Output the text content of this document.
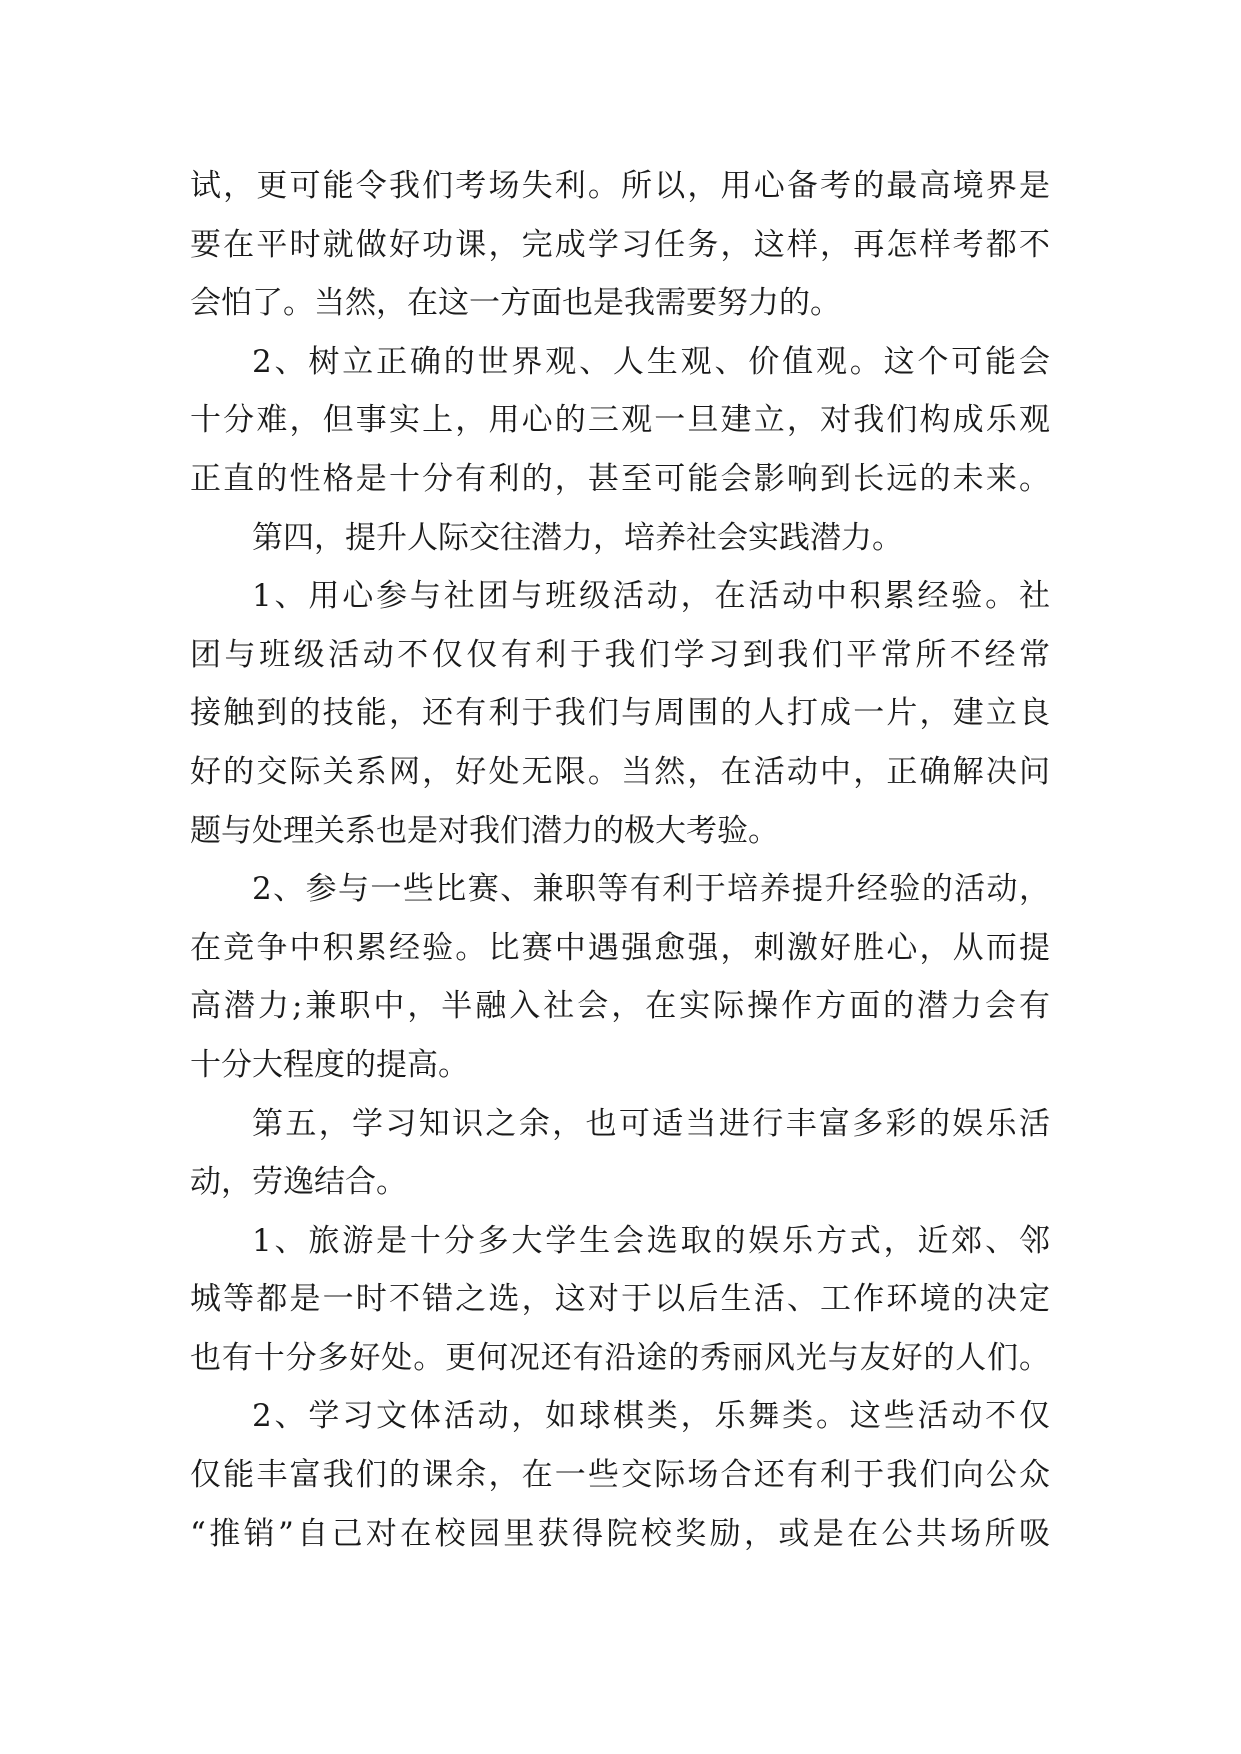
试，更可能令我们考场失利。所以，用心备考的最高境界是
要在平时就做好功课，完成学习任务，这样，再怎样考都不
会怕了。当然，在这一方面也是我需要努力的。
2、树立正确的世界观、人生观、价值观。这个可能会
十分难，但事实上，用心的三观一旦建立，对我们构成乐观
正直的性格是十分有利的，甚至可能会影响到长远的未来。
第四，提升人际交往潜力，培养社会实践潜力。
1、用心参与社团与班级活动，在活动中积累经验。社
团与班级活动不仅仅有利于我们学习到我们平常所不经常
接触到的技能，还有利于我们与周围的人打成一片，建立良
好的交际关系网，好处无限。当然，在活动中，正确解决问
题与处理关系也是对我们潜力的极大考验。
2、参与一些比赛、兼职等有利于培养提升经验的活动，
在竞争中积累经验。比赛中遇强愈强，刺激好胜心，从而提
高潜力;兼职中，半融入社会，在实际操作方面的潜力会有
十分大程度的提高。
第五，学习知识之余，也可适当进行丰富多彩的娱乐活
动，劳逸结合。
1、旅游是十分多大学生会选取的娱乐方式，近郊、邻
城等都是一时不错之选，这对于以后生活、工作环境的决定
也有十分多好处。更何况还有沿途的秀丽风光与友好的人们。
2、学习文体活动，如球棋类，乐舞类。这些活动不仅
仅能丰富我们的课余，在一些交际场合还有利于我们向公众
“推销”自己对在校园里获得院校奖励，或是在公共场所吸
